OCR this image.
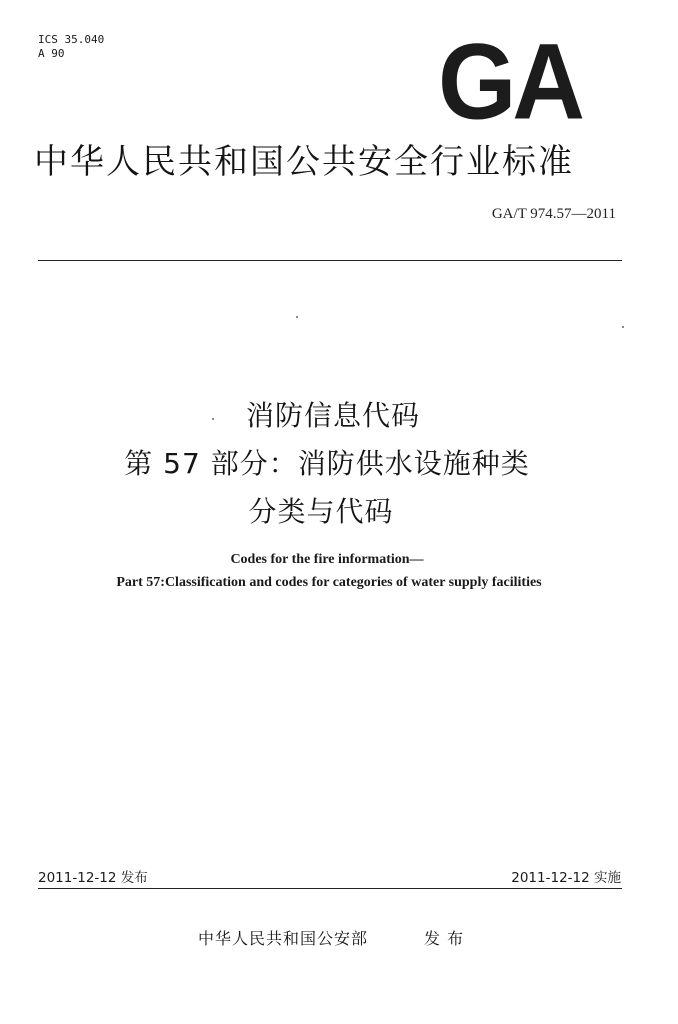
ICS 35.040
A 90	GA
中华人民共和国公共安全行业标准
GA/T 974.57—2011
消防信息代码
第 57 部分：消防供水设施种类
分类与代码
Codes for the fire information—
Part 57:Classification and codes for categories of water supply facilities
2011-12-12 发布	2011-12-12 实施
中华人民共和国公安部	发 布
